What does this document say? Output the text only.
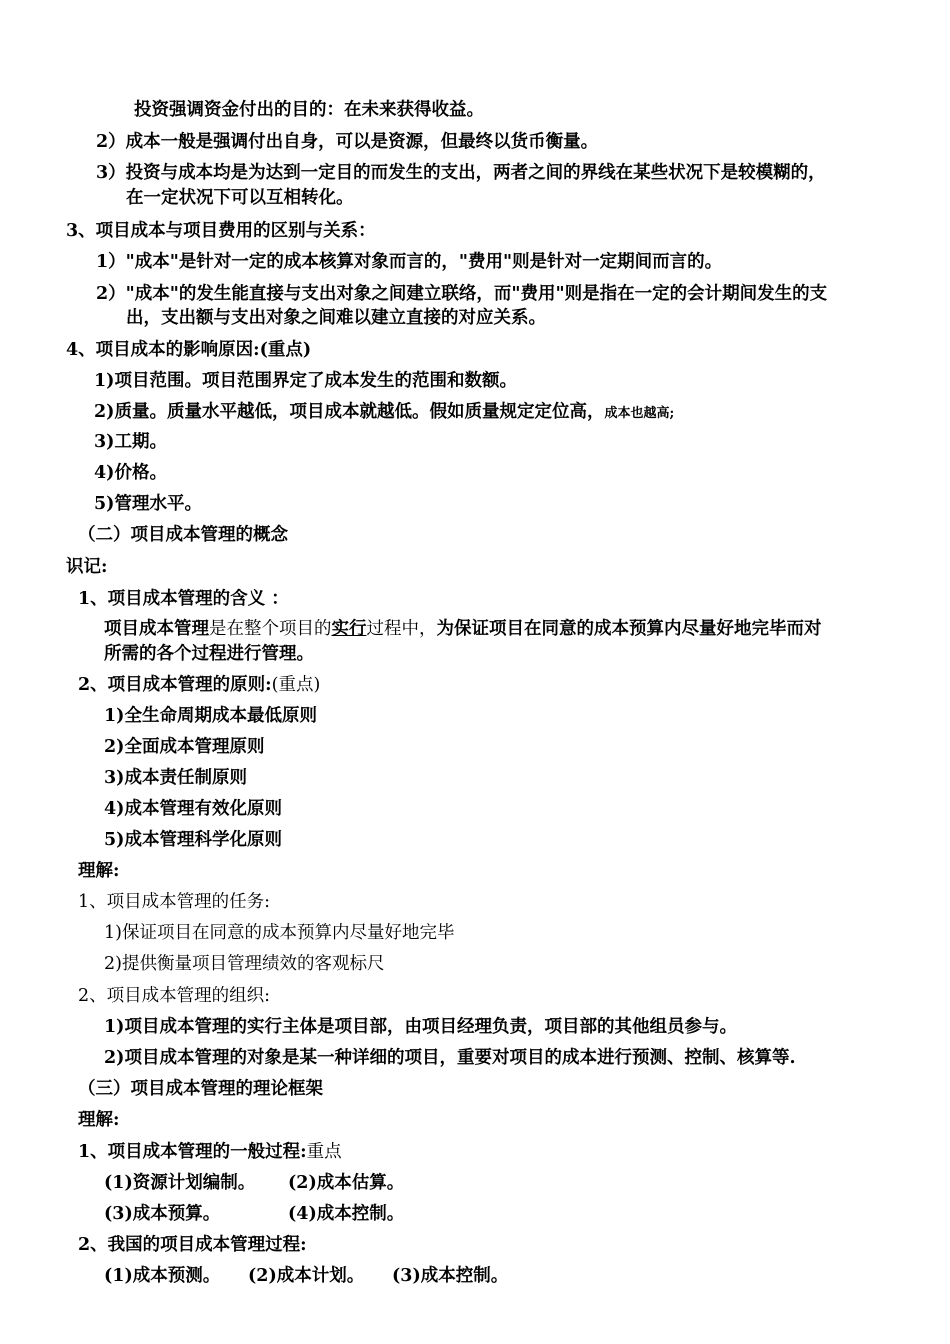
投资强调资金付出的目的：在未来获得收益。
2）成本一般是强调付出自身，可以是资源，但最终以货币衡量。
3）投资与成本均是为达到一定目的而发生的支出，两者之间的界线在某些状况下是较模糊的，
在一定状况下可以互相转化。
3、项目成本与项目费用的区别与关系：
1）"成本"是针对一定的成本核算对象而言的，"费用"则是针对一定期间而言的。
2）"成本"的发生能直接与支出对象之间建立联络，而"费用"则是指在一定的会计期间发生的支
出，支出额与支出对象之间难以建立直接的对应关系。
4、项目成本的影响原因:(重点)
1)项目范围。项目范围界定了成本发生的范围和数额。
2)质量。质量水平越低，项目成本就越低。假如质量规定定位高，成本也越高;
3)工期。
4)价格。
5)管理水平。
（二）项目成本管理的概念
识记:
1、项目成本管理的含义 ：
项目成本管理是在整个项目的实行过程中，为保证项目在同意的成本预算内尽量好地完毕而对
所需的各个过程进行管理。
2、项目成本管理的原则:(重点)
1)全生命周期成本最低原则
2)全面成本管理原则
3)成本责任制原则
4)成本管理有效化原则
5)成本管理科学化原则
理解:
1、项目成本管理的任务:
1)保证项目在同意的成本预算内尽量好地完毕
2)提供衡量项目管理绩效的客观标尺
2、项目成本管理的组织:
1)项目成本管理的实行主体是项目部，由项目经理负责，项目部的其他组员参与。
2)项目成本管理的对象是某一种详细的项目，重要对项目的成本进行预测、控制、核算等.
（三）项目成本管理的理论框架
理解:
1、项目成本管理的一般过程:重点
(1)资源计划编制。 (2)成本估算。
(3)成本预算。	(4)成本控制。
2、我国的项目成本管理过程:
(1)成本预测。 (2)成本计划。 (3)成本控制。
